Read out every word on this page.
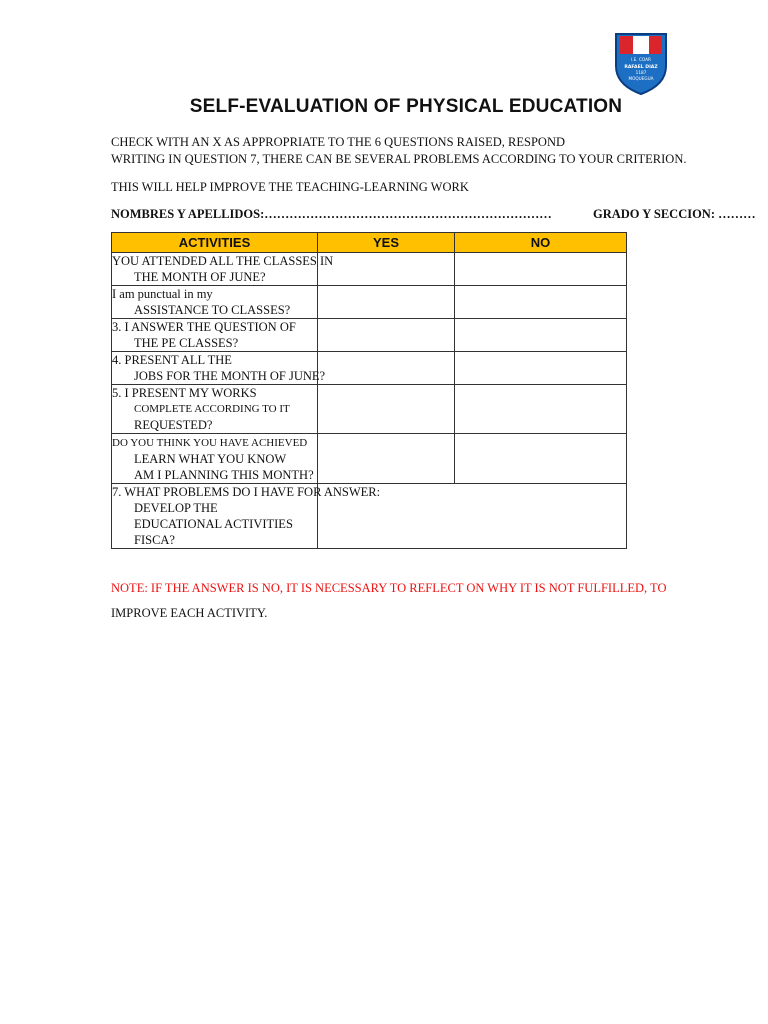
I.E. COAR
RAFAEL DIAZ
1187
MOQUEGUA
SELF-EVALUATION OF PHYSICAL EDUCATION
CHECK WITH AN X AS APPROPRIATE TO THE 6 QUESTIONS RAISED, RESPOND
WRITING IN QUESTION 7, THERE CAN BE SEVERAL PROBLEMS ACCORDING TO YOUR CRITERION.
THIS WILL HELP IMPROVE THE TEACHING-LEARNING WORK
NOMBRES Y APELLIDOS:……………………………………………………………	GRADO Y SECCION: ………
ACTIVITIES	YES	NO
YOU ATTENDED ALL THE CLASSES IN
THE MONTH OF JUNE?		

I am punctual in my
ASSISTANCE TO CLASSES?		

3. I ANSWER THE QUESTION OF
THE PE CLASSES?		

4. PRESENT ALL THE
JOBS FOR THE MONTH OF JUNE?		

5. I PRESENT MY WORKS
COMPLETE ACCORDING TO IT
REQUESTED?		

DO YOU THINK YOU HAVE ACHIEVED
LEARN WHAT YOU KNOW
AM I PLANNING THIS MONTH?		

7. WHAT PROBLEMS DO I HAVE FOR ANSWER:
DEVELOP THE
EDUCATIONAL ACTIVITIES
FISCA?		

NOTE: IF THE ANSWER IS NO, IT IS NECESSARY TO REFLECT ON WHY IT IS NOT FULFILLED, TO
IMPROVE EACH ACTIVITY.
